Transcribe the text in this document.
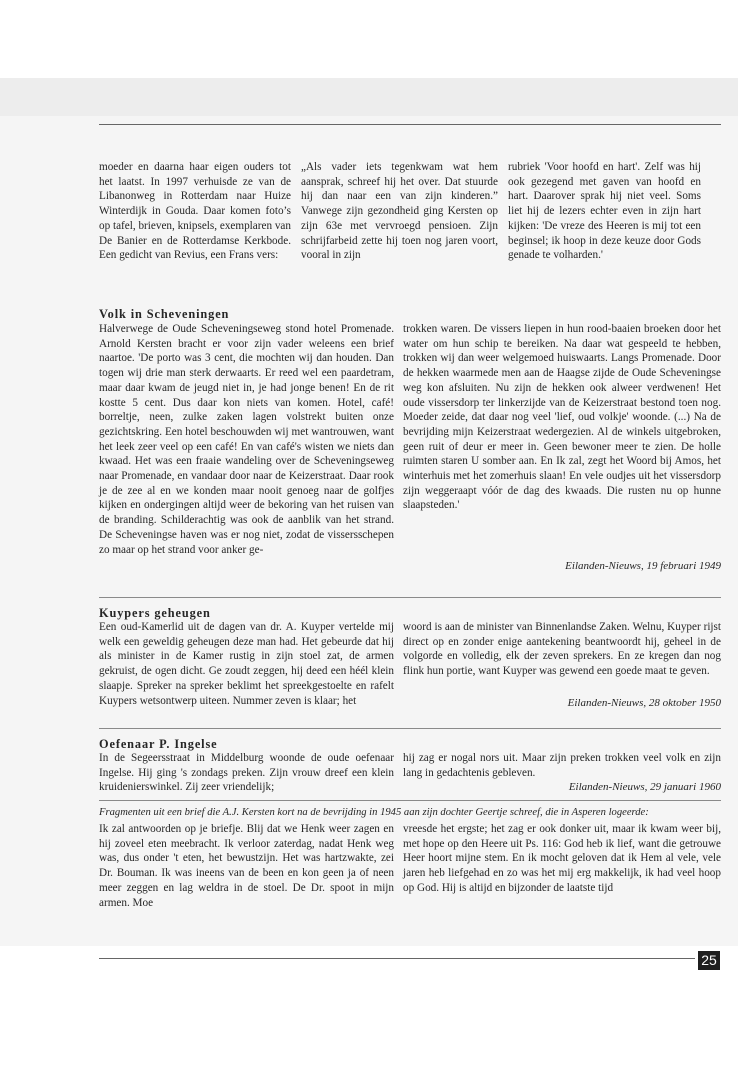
moeder en daarna haar eigen ouders tot het laatst. In 1997 verhuisde ze van de Libanonweg in Rotterdam naar Huize Winterdijk in Gouda. Daar komen foto’s op tafel, brieven, knipsels, exemplaren van De Banier en de Rotterdamse Kerkbode. Een gedicht van Revius, een Frans vers:

„Als vader iets tegenkwam wat hem aansprak, schreef hij het over. Dat stuurde hij dan naar een van zijn kinderen.” Vanwege zijn gezondheid ging Kersten op zijn 63e met vervroegd pensioen. Zijn schrijfarbeid zette hij toen nog jaren voort, vooral in zijn

rubriek 'Voor hoofd en hart'. Zelf was hij ook gezegend met gaven van hoofd en hart. Daarover sprak hij niet veel. Soms liet hij de lezers echter even in zijn hart kijken: 'De vreze des Heeren is mij tot een beginsel; ik hoop in deze keuze door Gods genade te volharden.'

Volk in Scheveningen

Halverwege de Oude Scheveningseweg stond hotel Promenade. Arnold Kersten bracht er voor zijn vader weleens een brief naartoe. 'De porto was 3 cent, die mochten wij dan houden. Dan togen wij drie man sterk derwaarts. Er reed wel een paardetram, maar daar kwam de jeugd niet in, je had jonge benen! En de rit kostte 5 cent. Dus daar kon niets van komen. Hotel, café! borreltje, neen, zulke zaken lagen volstrekt buiten onze gezichtskring. Een hotel beschouwden wij met wantrouwen, want het leek zeer veel op een café! En van café's wisten we niets dan kwaad. Het was een fraaie wandeling over de Scheveningseweg naar Promenade, en vandaar door naar de Keizerstraat. Daar rook je de zee al en we konden maar nooit genoeg naar de golfjes kijken en ondergingen altijd weer de bekoring van het ruisen van de branding. Schilderachtig was ook de aanblik van het strand. De Scheveningse haven was er nog niet, zodat de vissersschepen zo maar op het strand voor anker ge-

trokken waren. De vissers liepen in hun rood-baaien broeken door het water om hun schip te bereiken. Na daar wat gespeeld te hebben, trokken wij dan weer welgemoed huiswaarts. Langs Promenade. Door de hekken waarmede men aan de Haagse zijde de Oude Scheveningse weg kon afsluiten. Nu zijn de hekken ook alweer verdwenen! Het oude vissersdorp ter linkerzijde van de Keizerstraat bestond toen nog. Moeder zeide, dat daar nog veel 'lief, oud volkje' woonde. (...) Na de bevrijding mijn Keizerstraat wedergezien. Al de winkels uitgebroken, geen ruit of deur er meer in. Geen bewoner meer te zien. De holle ruimten staren U somber aan. En Ik zal, zegt het Woord bij Amos, het winterhuis met het zomerhuis slaan! En vele oudjes uit het vissersdorp zijn weggeraapt vóór de dag des kwaads. Die rusten nu op hunne slaapsteden.'

Eilanden-Nieuws, 19 februari 1949
Kuypers geheugen

Een oud-Kamerlid uit de dagen van dr. A. Kuyper vertelde mij welk een geweldig geheugen deze man had. Het gebeurde dat hij als minister in de Kamer rustig in zijn stoel zat, de armen gekruist, de ogen dicht. Ge zoudt zeggen, hij deed een héél klein slaapje. Spreker na spreker beklimt het spreekgestoelte en rafelt Kuypers wetsontwerp uiteen. Nummer zeven is klaar; het

woord is aan de minister van Binnenlandse Zaken. Welnu, Kuyper rijst direct op en zonder enige aantekening beantwoordt hij, geheel in de volgorde en volledig, elk der zeven sprekers. En ze kregen dan nog flink hun portie, want Kuyper was gewend een goede maat te geven.

Eilanden-Nieuws, 28 oktober 1950
Oefenaar P. Ingelse

In de Segeersstraat in Middelburg woonde de oude oefenaar Ingelse. Hij ging 's zondags preken. Zijn vrouw dreef een klein kruidenierswinkel. Zij zeer vriendelijk;

hij zag er nogal nors uit. Maar zijn preken trokken veel volk en zijn lang in gedachtenis gebleven.

Eilanden-Nieuws, 29 januari 1960
Fragmenten uit een brief die A.J. Kersten kort na de bevrijding in 1945 aan zijn dochter Geertje schreef, die in Asperen logeerde:

Ik zal antwoorden op je briefje. Blij dat we Henk weer zagen en hij zoveel eten meebracht. Ik verloor zaterdag, nadat Henk weg was, dus onder 't eten, het bewustzijn. Het was hartzwakte, zei Dr. Bouman. Ik was ineens van de been en kon geen ja of neen meer zeggen en lag weldra in de stoel. De Dr. spoot in mijn armen. Moe

vreesde het ergste; het zag er ook donker uit, maar ik kwam weer bij, met hope op den Heere uit Ps. 116: God heb ik lief, want die getrouwe Heer hoort mijne stem. En ik mocht geloven dat ik Hem al vele, vele jaren heb liefgehad en zo was het mij erg makkelijk, ik had veel hoop op God. Hij is altijd en bijzonder de laatste tijd

25
